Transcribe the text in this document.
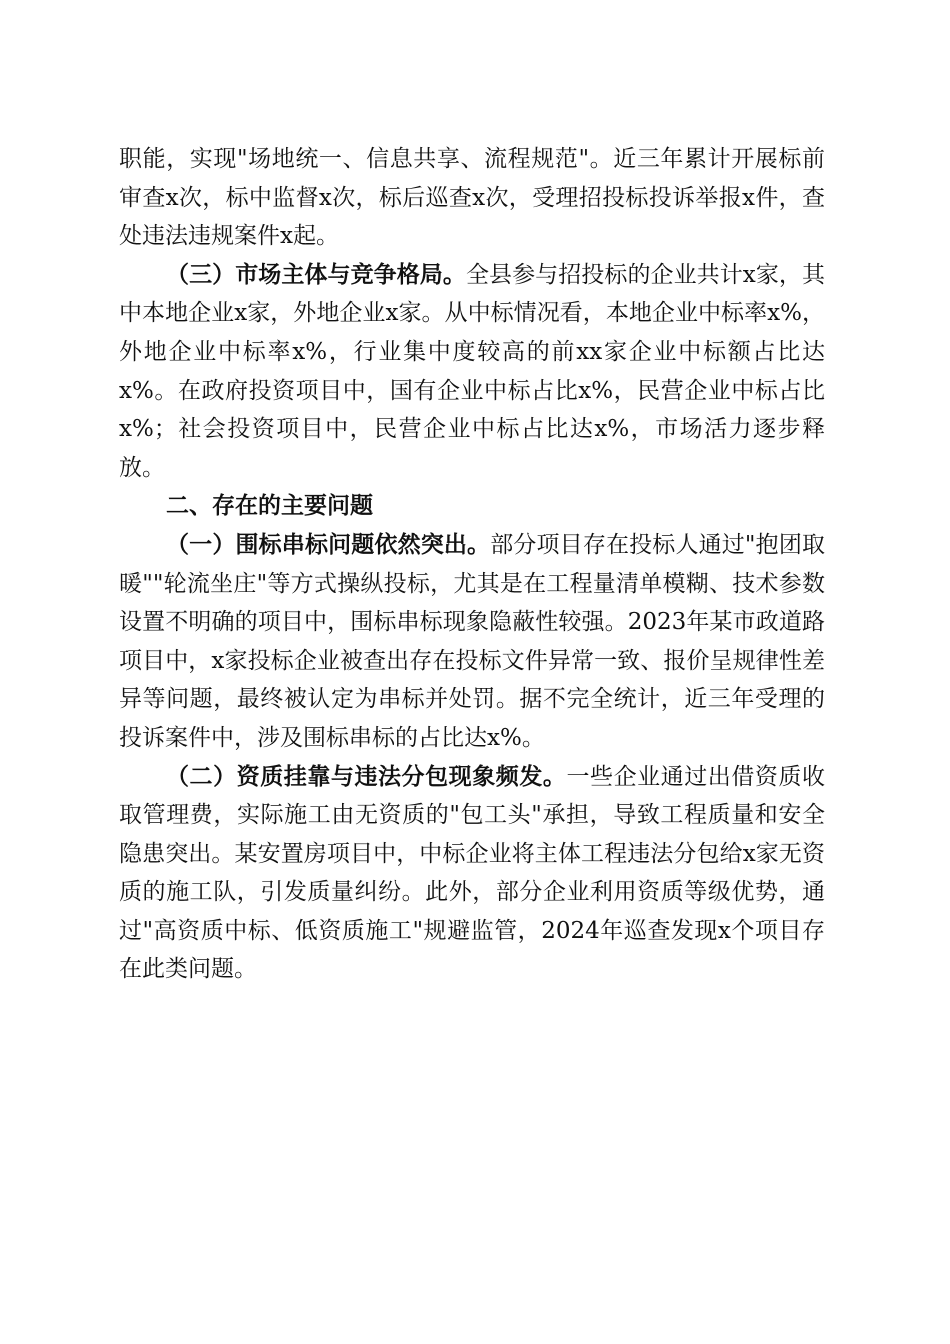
职能，实现"场地统一、信息共享、流程规范"。近三年累计开展标前审查x次，标中监督x次，标后巡查x次，受理招投标投诉举报x件，查处违法违规案件x起。

（三）市场主体与竞争格局。全县参与招投标的企业共计x家，其中本地企业x家，外地企业x家。从中标情况看，本地企业中标率x%，外地企业中标率x%，行业集中度较高的前xx家企业中标额占比达x%。在政府投资项目中，国有企业中标占比x%，民营企业中标占比x%；社会投资项目中，民营企业中标占比达x%，市场活力逐步释放。

二、存在的主要问题

（一）围标串标问题依然突出。部分项目存在投标人通过"抱团取暖""轮流坐庄"等方式操纵投标，尤其是在工程量清单模糊、技术参数设置不明确的项目中，围标串标现象隐蔽性较强。2023年某市政道路项目中，x家投标企业被查出存在投标文件异常一致、报价呈规律性差异等问题，最终被认定为串标并处罚。据不完全统计，近三年受理的投诉案件中，涉及围标串标的占比达x%。

（二）资质挂靠与违法分包现象频发。一些企业通过出借资质收取管理费，实际施工由无资质的"包工头"承担，导致工程质量和安全隐患突出。某安置房项目中，中标企业将主体工程违法分包给x家无资质的施工队，引发质量纠纷。此外，部分企业利用资质等级优势，通过"高资质中标、低资质施工"规避监管，2024年巡查发现x个项目存在此类问题。
